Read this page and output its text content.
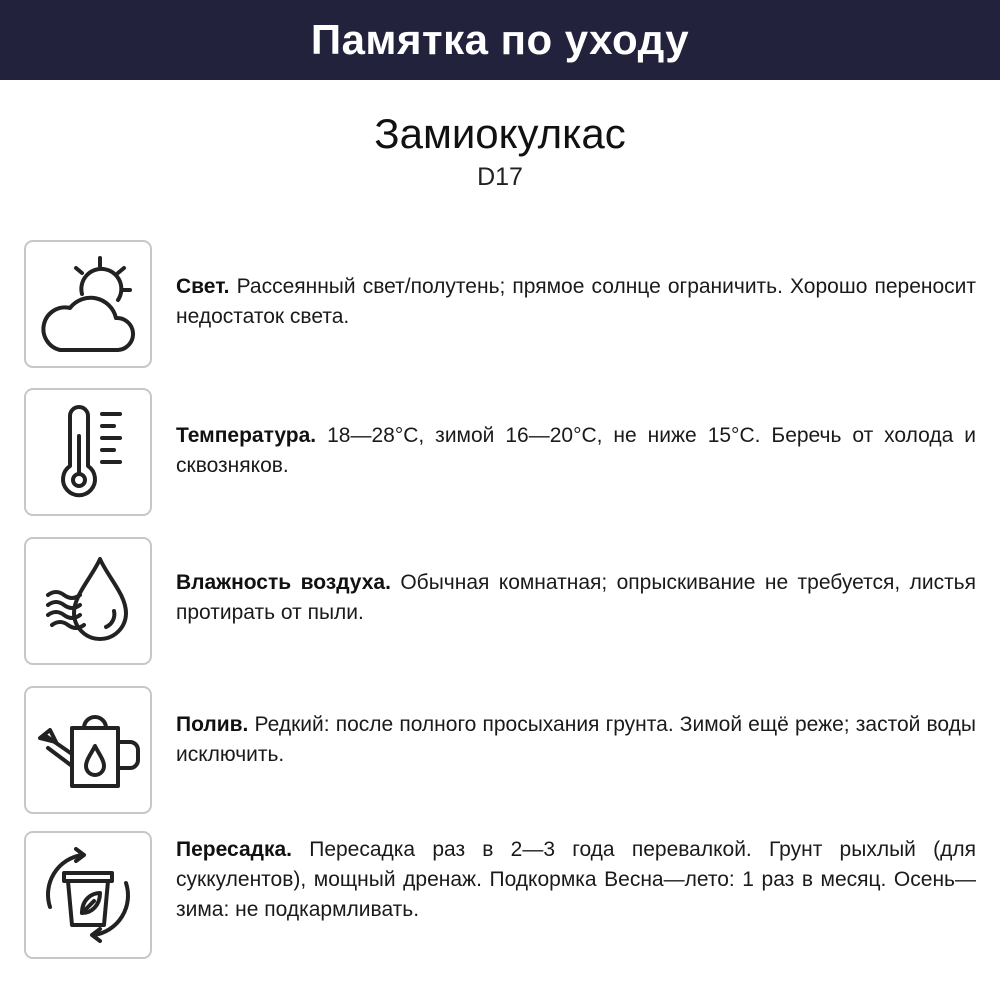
Памятка по уходу
Замиокулкас
D17
Свет. Рассеянный свет/полутень; прямое солнце ограничить. Хорошо переносит недостаток света.
Температура. 18—28°C, зимой 16—20°C, не ниже 15°C. Беречь от холода и сквозняков.
Влажность воздуха. Обычная комнатная; опрыскивание не требуется, листья протирать от пыли.
Полив. Редкий: после полного просыхания грунта. Зимой ещё реже; застой воды исключить.
Пересадка. Пересадка раз в 2—3 года перевалкой. Грунт рыхлый (для суккулентов), мощный дренаж. Подкормка Весна—лето: 1 раз в месяц. Осень—зима: не подкармливать.
